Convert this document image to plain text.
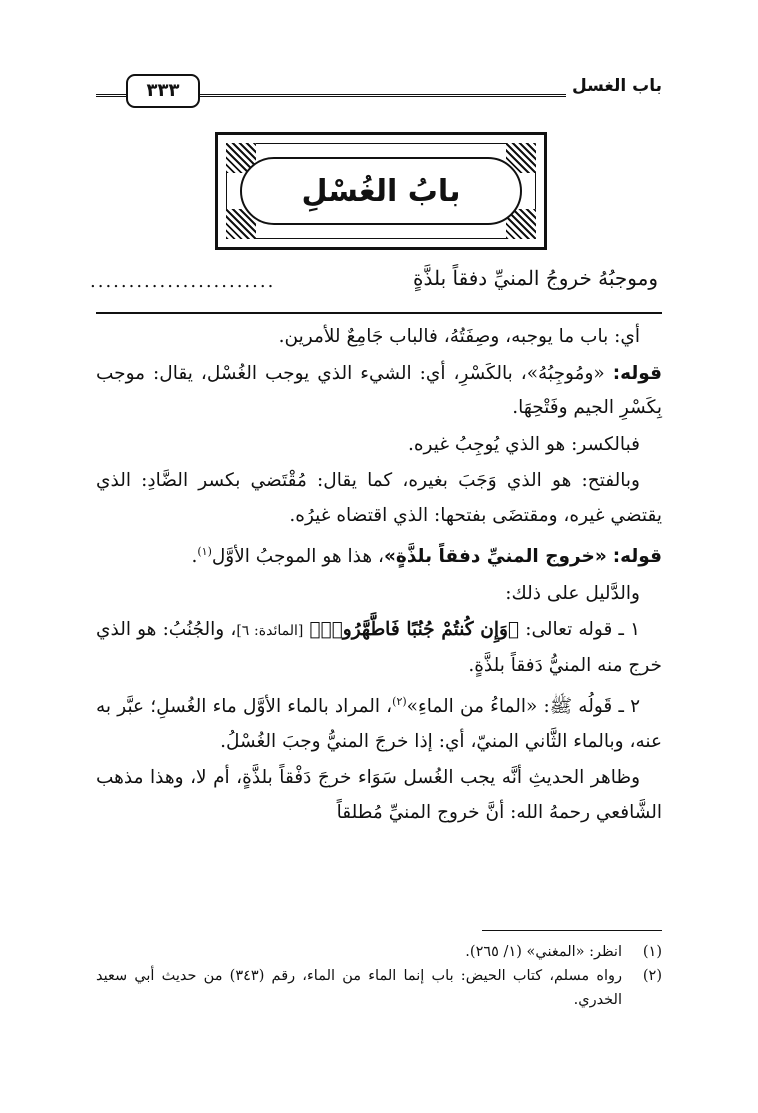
باب الغسل
٣٣٣
بابُ الغُسْلِ
وموجبُهُ خروجُ المنيِّ دفقاً بلذَّةٍ
........................

أي: باب ما يوجبه، وصِفَتُهُ، فالباب جَامِعٌ للأمرين.

قوله: «ومُوجِبُهُ»، بالكَسْرِ، أي: الشيء الذي يوجب الغُسْل، يقال: موجب بِكَسْرِ الجيم وفَتْحِهَا.

فبالكسر: هو الذي يُوجِبُ غيره.

وبالفتح: هو الذي وَجَبَ بغيره، كما يقال: مُقْتَضي بكسر الضَّادِ: الذي يقتضي غيره، ومقتضَى بفتحها: الذي اقتضاه غيرُه.

قوله: «خروج المنيِّ دفقاً بلذَّةٍ»، هذا هو الموجبُ الأوَّل$^{(١)}$.

والدَّليل على ذلك:

١ ـ قوله تعالى: ﴿وَإِن كُنتُمْ جُنُبًا فَاطَّهَّرُوا۟﴾ [المائدة: ٦]، والجُنُبُ: هو الذي خرج منه المنيُّ دَفقاً بلذَّةٍ.

٢ ـ قَولُه ﷺ: «الماءُ من الماءِ»$^{(٢)}$، المراد بالماء الأوَّل ماء الغُسلِ؛ عبَّر به عنه، وبالماء الثَّاني المنيّ، أي: إذا خرجَ المنيُّ وجبَ الغُسْلُ.

وظاهر الحديثِ أنَّه يجب الغُسل سَوَاء خرجَ دَفْقاً بلذَّةٍ، أم لا، وهذا مذهب الشَّافعي رحمهُ الله: أنَّ خروج المنيِّ مُطلقاً

(١)
انظر: «المغني» (١/ ٢٦٥).
(٢)
رواه مسلم، كتاب الحيض: باب إنما الماء من الماء، رقم (٣٤٣) من حديث أبي سعيد الخدري.
